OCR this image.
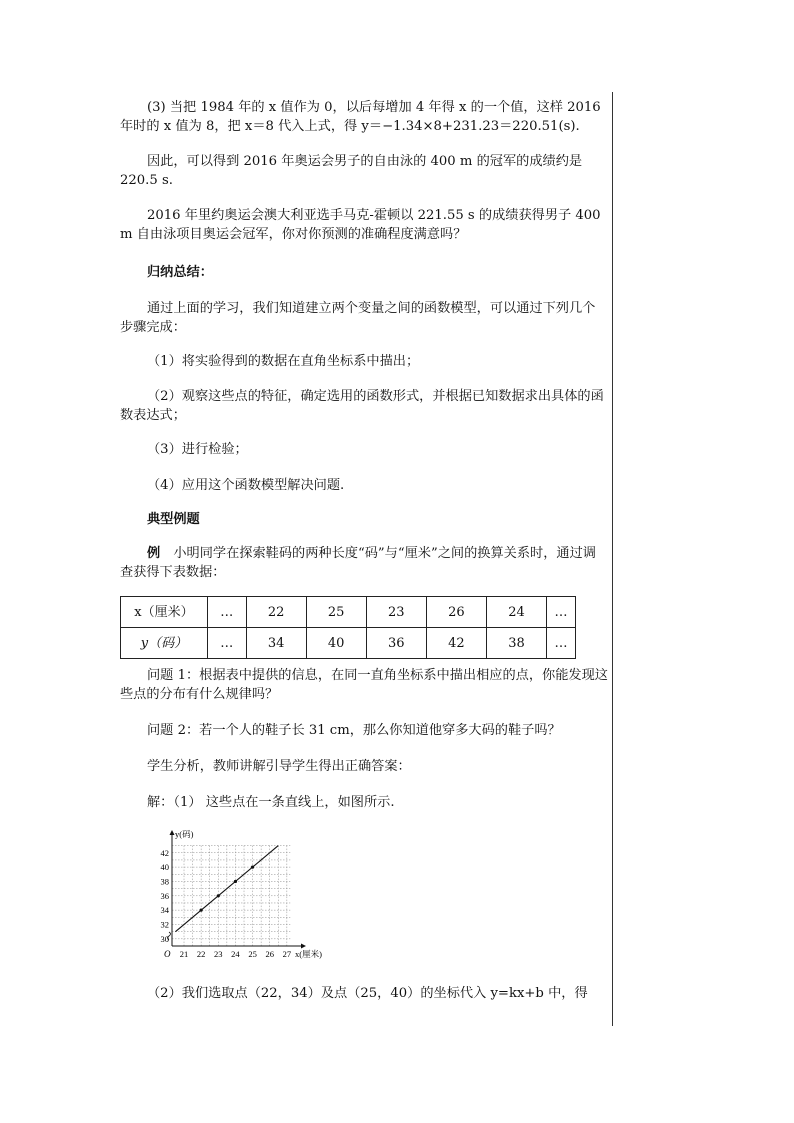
(3) 当把 1984 年的 x 值作为 0，以后每增加 4 年得 x 的一个值，这样 2016 年时的 x 值为 8，把 x＝8 代入上式，得 y＝−1.34×8+231.23＝220.51(s).

因此，可以得到 2016 年奥运会男子的自由泳的 400 m 的冠军的成绩约是 220.5 s.

2016 年里约奥运会澳大利亚选手马克-霍顿以 221.55 s 的成绩获得男子 400 m 自由泳项目奥运会冠军，你对你预测的准确程度满意吗？

归纳总结：

通过上面的学习，我们知道建立两个变量之间的函数模型，可以通过下列几个步骤完成：

（1）将实验得到的数据在直角坐标系中描出；

（2）观察这些点的特征，确定选用的函数形式，并根据已知数据求出具体的函数表达式；

（3）进行检验；

（4）应用这个函数模型解决问题.

典型例题

例　小明同学在探索鞋码的两种长度“码”与“厘米”之间的换算关系时，通过调查获得下表数据：

x（厘米）	…	22	25	23	26	24	…
y（码）	…	34	40	36	42	38	…

问题 1：根据表中提供的信息，在同一直角坐标系中描出相应的点，你能发现这些点的分布有什么规律吗？

问题 2：若一个人的鞋子长 31 cm，那么你知道他穿多大码的鞋子吗？

学生分析，教师讲解引导学生得出正确答案：

解：（1） 这些点在一条直线上，如图所示.

21 22 23 24 25 26 27
30
32
34
36
38
40
42
O
y(码)
x(厘米)

（2）我们选取点（22，34）及点（25，40）的坐标代入 y=kx+b 中，得
